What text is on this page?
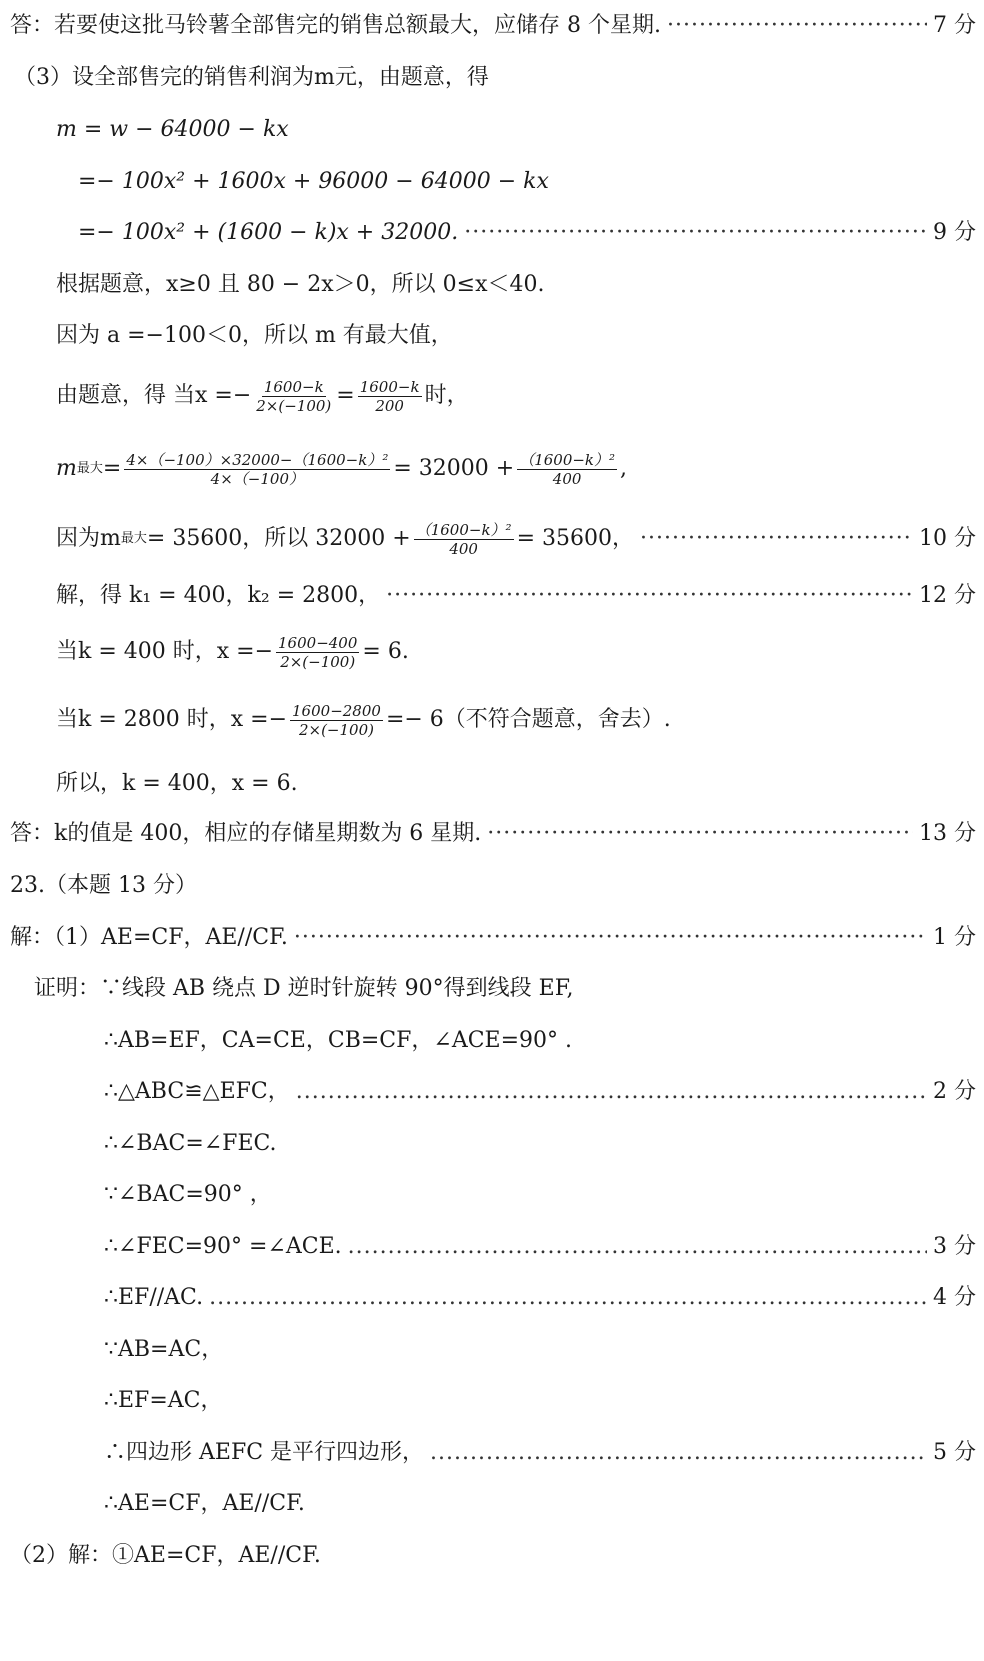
答：若要使这批马铃薯全部售完的销售总额最大，应储存 8 个星期. ·····	7 分
（3）设全部售完的销售利润为m元，由题意，得
m = w − 64000 − kx
=− 100x² + 1600x + 96000 − 64000 − kx
=− 100x² + (1600 − k)x + 32000. ·····	9 分
根据题意，x≥0 且 80 − 2x＞0，所以 0≤x＜40.
因为 a =−100＜0，所以 m 有最大值，
由题意，得 当$x =- \frac{1600-k}{2\times(-100)} = \frac{1600-k}{200}$ 时，
m 最大 = $\frac{\text{4×（−100）×32000−（1600−k）²}}{4\times(-100)} = 32000 + \frac{\text{（1600−k）²}}{400}$ ,
因为m 最大 = 35600，所以 $32000 + \frac{\text{（1600−k）²}}{400} = 35600$， ·····	10 分
解，得 k₁ = 400，k₂ = 2800， ·····	12 分
当k = 400 时，$x =- \frac{1600-400}{2\times(-100)} = 6$.
当k = 2800 时，$x =- \frac{1600-2800}{2\times(-100)} =- 6$（不符合题意，舍去）.
所以，k = 400，x = 6.
答：k的值是 400，相应的存储星期数为 6 星期. ·····	13 分
23.（本题 13 分）
解：（1）AE=CF，AE//CF. ·····	1 分
证明：∵线段 AB 绕点 D 逆时针旋转 90°得到线段 EF,
∴AB=EF，CA=CE，CB=CF，∠ACE=90° .
∴△ABC≌△EFC， .....	2 分
∴∠BAC=∠FEC.
∵∠BAC=90° ，
∴∠FEC=90° =∠ACE. .....	3 分
∴EF//AC. .....	4 分
∵AB=AC，
∴EF=AC，
∴四边形 AEFC 是平行四边形， .....	5 分
∴AE=CF，AE//CF.
（2）解：①AE=CF，AE//CF.
